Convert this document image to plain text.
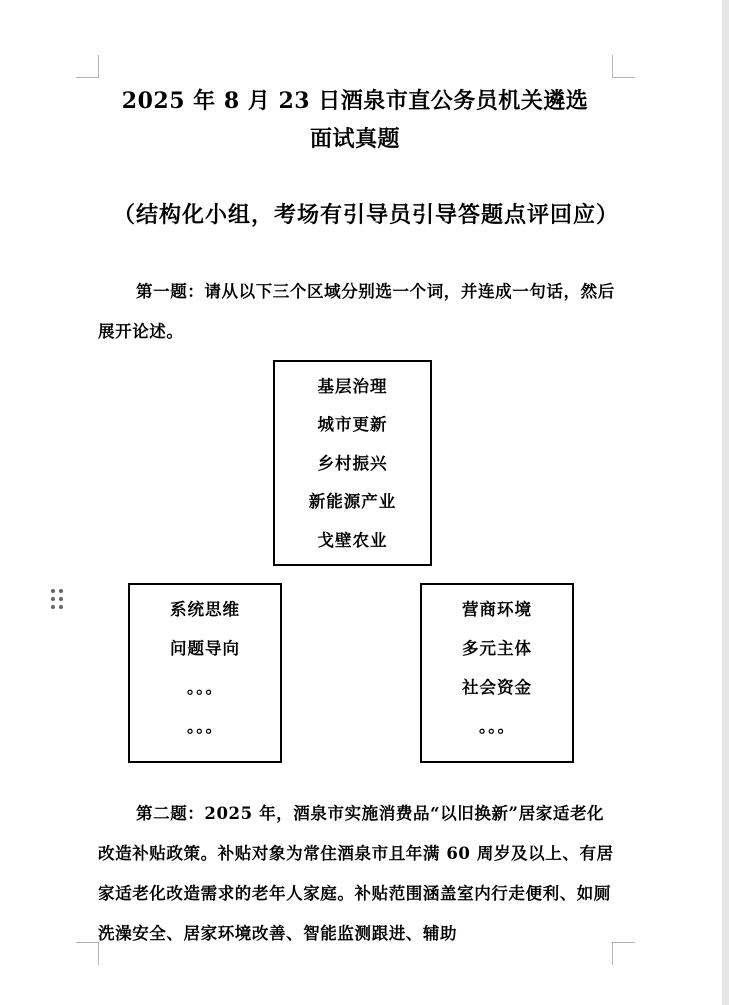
2025 年 8 月 23 日酒泉市直公务员机关遴选
面试真题
（结构化小组，考场有引导员引导答题点评回应）
第一题：请从以下三个区域分别选一个词，并连成一句话，然后展开论述。
基层治理
城市更新
乡村振兴
新能源产业
戈壁农业
系统思维
问题导向
。。。
。。。
营商环境
多元主体
社会资金
。。。
第二题：2025 年，酒泉市实施消费品“以旧换新”居家适老化改造补贴政策。补贴对象为常住酒泉市且年满 60 周岁及以上、有居家适老化改造需求的老年人家庭。补贴范围涵盖室内行走便利、如厕洗澡安全、居家环境改善、智能监测跟进、辅助
